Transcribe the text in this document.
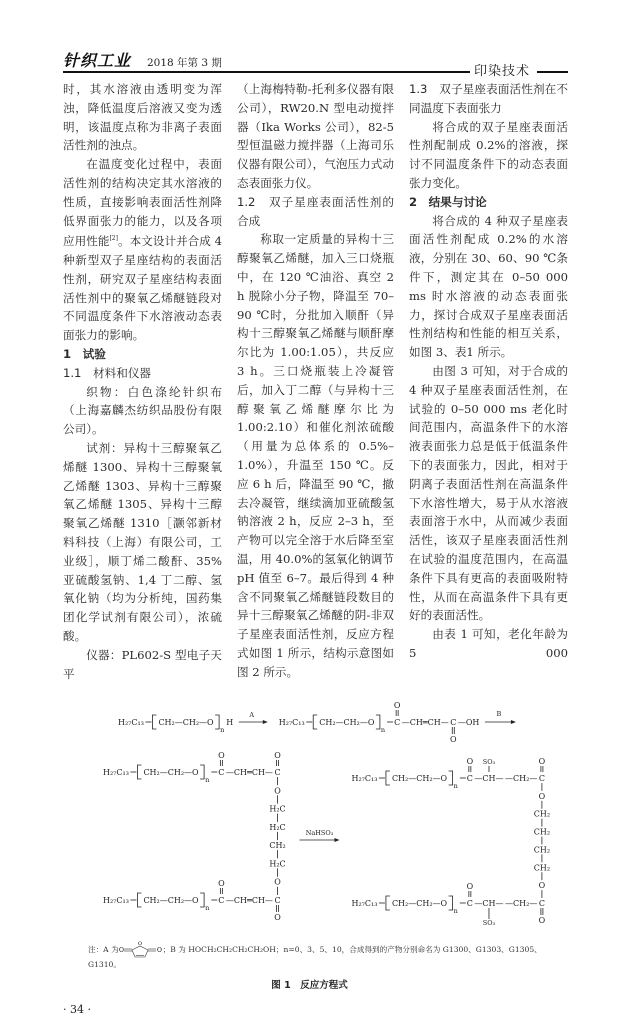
针织工业 2018 年第 3 期
印染技术

时，其水溶液由透明变为浑浊，降低温度后溶液又变为透明，该温度点称为非离子表面活性剂的浊点。

在温度变化过程中，表面活性剂的结构决定其水溶液的性质，直接影响表面活性剂降低界面张力的能力，以及各项应用性能[2]。本文设计并合成 4 种新型双子星座结构的表面活性剂，研究双子星座结构表面活性剂中的聚氧乙烯醚链段对不同温度条件下水溶液动态表面张力的影响。

1　试验
1.1　材料和仪器

织物：白色涤纶针织布（上海嘉麟杰纺织品股份有限公司）。

试剂：异构十三醇聚氧乙烯醚 1300、异构十三醇聚氧乙烯醚 1303、异构十三醇聚氧乙烯醚 1305、异构十三醇聚氧乙烯醚 1310［灏邻新材料科技（上海）有限公司，工业级］，顺丁烯二酸酐、35% 亚硫酸氢钠、1,4 丁二醇、氢氧化钠（均为分析纯，国药集团化学试剂有限公司），浓硫酸。

仪器：PL602-S 型电子天平

（上海梅特勒-托利多仪器有限公司），RW20.N 型电动搅拌器（Ika Works 公司），82-5 型恒温磁力搅拌器（上海司乐仪器有限公司），气泡压力式动态表面张力仪。

1.2　双子星座表面活性剂的合成

称取一定质量的异构十三醇聚氧乙烯醚，加入三口烧瓶中，在 120 ℃油浴、真空 2 h 脱除小分子物，降温至 70–90 ℃时，分批加入顺酐（异构十三醇聚氧乙烯醚与顺酐摩尔比为 1.00:1.05），共反应 3 h。三口烧瓶装上冷凝管后，加入丁二醇（与异构十三醇聚氧乙烯醚摩尔比为 1.00:2.10）和催化剂浓硫酸（用量为总体系的 0.5%–1.0%），升温至 150 ℃。反应 6 h 后，降温至 90 ℃，撤去冷凝管，继续滴加亚硫酸氢钠溶液 2 h，反应 2–3 h，至产物可以完全溶于水后降至室温，用 40.0%的氢氧化钠调节 pH 值至 6–7。最后得到 4 种含不同聚氧乙烯醚链段数目的异十三醇聚氧乙烯醚的阴-非双子星座表面活性剂，反应方程式如图 1 所示，结构示意图如图 2 所示。

1.3　双子星座表面活性剂在不同温度下表面张力

将合成的双子星座表面活性剂配制成 0.2%的溶液，探讨不同温度条件下的动态表面张力变化。

2　结果与讨论

将合成的 4 种双子星座表面活性剂配成 0.2%的水溶液，分别在 30、60、90 ℃条件下，测定其在 0–50 000 ms 时水溶液的动态表面张力，探讨合成双子星座表面活性剂结构和性能的相互关系，如图 3、表1 所示。

由图 3 可知，对于合成的 4 种双子星座表面活性剂，在试验的 0–50 000 ms 老化时间范围内，高温条件下的水溶液表面张力总是低于低温条件下的表面张力，因此，相对于阴离子表面活性剂在高温条件下水溶性增大，易于从水溶液表面溶于水中，从而减少表面活性，该双子星座表面活性剂在试验的温度范围内，在高温条件下具有更高的表面吸附特性，从而在高温条件下具有更好的表面活性。

由表 1 可知，老化年龄为 5 000

H₂₇C₁₃ CH₂—CH₂—O
n
H
A
H₂₇C₁₃ CH₂—CH₂—O
n
C
O
—CH═CH— C
O
—OH
B
H₂₇C₁₃ CH₂—CH₂—O
n
C
O
—CH═CH— C
O
O
H₂C
H₂C
CH₂
H₂C
O
H₂₇C₁₃ CH₂—CH₂—O
n
C
O
—CH═CH— C
O
NaHSO₃
H₂₇C₁₃ CH₂—CH₂—O
n
C
O
—CH—
SO₃
—CH₂— C
O
O
CH₂
CH₂
CH₂
CH₂
O
H₂₇C₁₃ CH₂—CH₂—O
n
C
O
—CH—
SO₃
—CH₂— C
O
注：A 为 O
O
O ；B 为 HOCH₂CH₂CH₂CH₂OH；n=0、3、5、10，合成得到的产物分别命名为 G1300、G1303、G1305、G1310。
图 1　反应方程式
· 34 ·
